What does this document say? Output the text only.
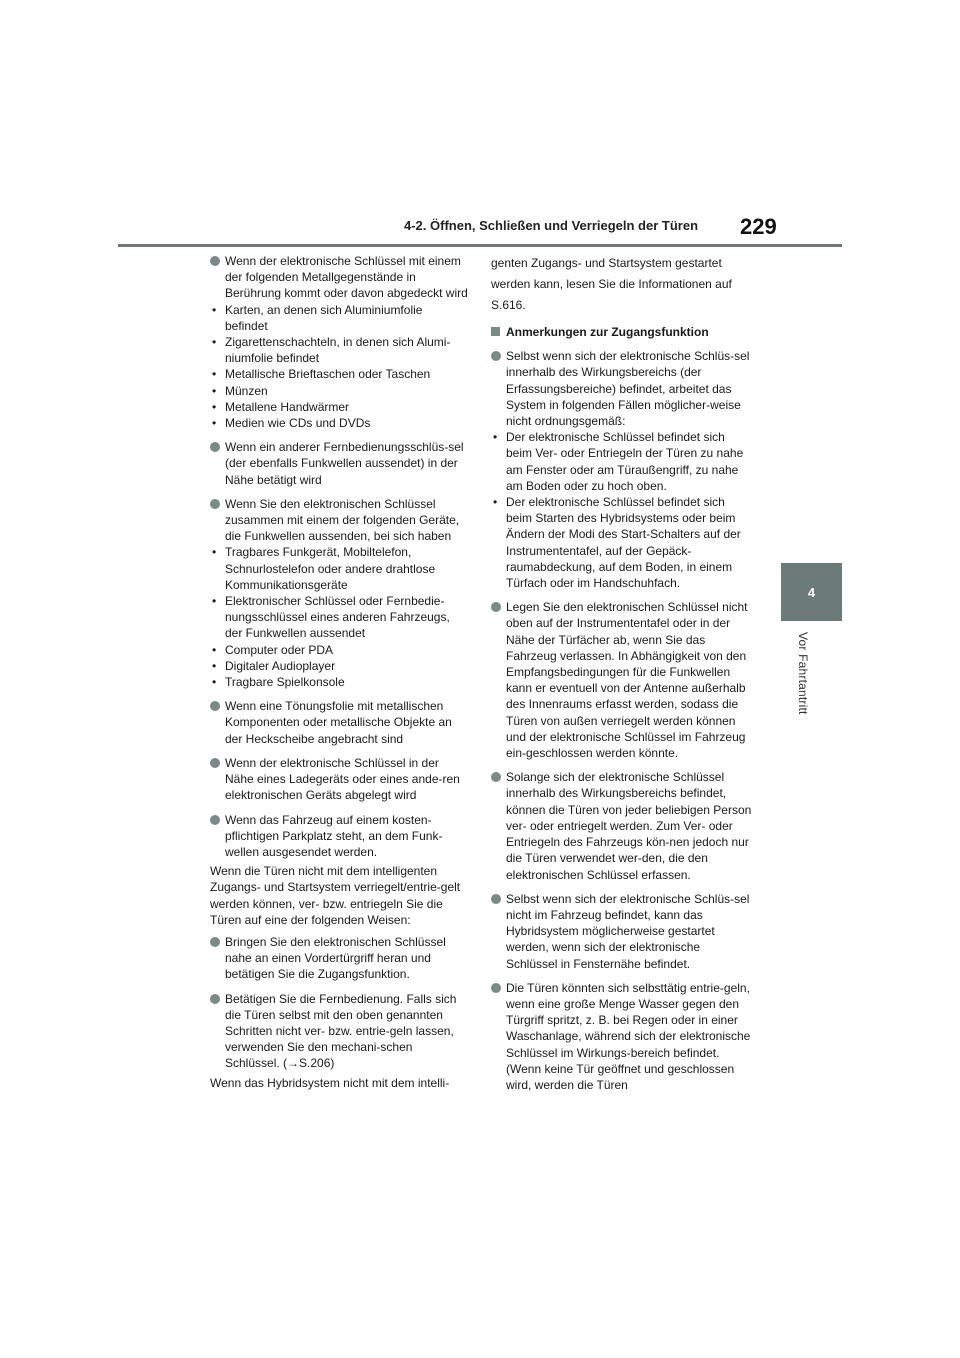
4-2. Öffnen, Schließen und Verriegeln der Türen 229
4
Vor Fahrtantritt
Wenn der elektronische Schlüssel mit einem der folgenden Metallgegenstände in Berührung kommt oder davon abgedeckt wird
• Karten, an denen sich Aluminiumfolie befindet
• Zigarettenschachteln, in denen sich Alumi-niumfolie befindet
• Metallische Brieftaschen oder Taschen
• Münzen
• Metallene Handwärmer
• Medien wie CDs und DVDs
Wenn ein anderer Fernbedienungsschlüs-sel (der ebenfalls Funkwellen aussendet) in der Nähe betätigt wird
Wenn Sie den elektronischen Schlüssel zusammen mit einem der folgenden Geräte, die Funkwellen aussenden, bei sich haben
• Tragbares Funkgerät, Mobiltelefon, Schnurlostelefon oder andere drahtlose Kommunikationsgeräte
• Elektronischer Schlüssel oder Fernbedie-nungsschlüssel eines anderen Fahrzeugs, der Funkwellen aussendet
• Computer oder PDA
• Digitaler Audioplayer
• Tragbare Spielkonsole
Wenn eine Tönungsfolie mit metallischen Komponenten oder metallische Objekte an der Heckscheibe angebracht sind
Wenn der elektronische Schlüssel in der Nähe eines Ladegeräts oder eines ande-ren elektronischen Geräts abgelegt wird
Wenn das Fahrzeug auf einem kosten-pflichtigen Parkplatz steht, an dem Funk-wellen ausgesendet werden.

Wenn die Türen nicht mit dem intelligenten Zugangs- und Startsystem verriegelt/entrie-gelt werden können, ver- bzw. entriegeln Sie die Türen auf eine der folgenden Weisen:

Bringen Sie den elektronischen Schlüssel nahe an einen Vordertürgriff heran und betätigen Sie die Zugangsfunktion.
Betätigen Sie die Fernbedienung. Falls sich die Türen selbst mit den oben genannten Schritten nicht ver- bzw. entrie-geln lassen, verwenden Sie den mechani-schen Schlüssel. (→S.206)

Wenn das Hybridsystem nicht mit dem intelli-

genten Zugangs- und Startsystem gestartet werden kann, lesen Sie die Informationen auf S.616.

Anmerkungen zur Zugangsfunktion
Selbst wenn sich der elektronische Schlüs-sel innerhalb des Wirkungsbereichs (der Erfassungsbereiche) befindet, arbeitet das System in folgenden Fällen möglicher-weise nicht ordnungsgemäß:
• Der elektronische Schlüssel befindet sich beim Ver- oder Entriegeln der Türen zu nahe am Fenster oder am Türaußengriff, zu nahe am Boden oder zu hoch oben.
• Der elektronische Schlüssel befindet sich beim Starten des Hybridsystems oder beim Ändern der Modi des Start-Schalters auf der Instrumententafel, auf der Gepäck-raumabdeckung, auf dem Boden, in einem Türfach oder im Handschuhfach.
Legen Sie den elektronischen Schlüssel nicht oben auf der Instrumententafel oder in der Nähe der Türfächer ab, wenn Sie das Fahrzeug verlassen. In Abhängigkeit von den Empfangsbedingungen für die Funkwellen kann er eventuell von der Antenne außerhalb des Innenraums erfasst werden, sodass die Türen von außen verriegelt werden können und der elektronische Schlüssel im Fahrzeug ein-geschlossen werden könnte.
Solange sich der elektronische Schlüssel innerhalb des Wirkungsbereichs befindet, können die Türen von jeder beliebigen Person ver- oder entriegelt werden. Zum Ver- oder Entriegeln des Fahrzeugs kön-nen jedoch nur die Türen verwendet wer-den, die den elektronischen Schlüssel erfassen.
Selbst wenn sich der elektronische Schlüs-sel nicht im Fahrzeug befindet, kann das Hybridsystem möglicherweise gestartet werden, wenn sich der elektronische Schlüssel in Fensternähe befindet.
Die Türen könnten sich selbsttätig entrie-geln, wenn eine große Menge Wasser gegen den Türgriff spritzt, z. B. bei Regen oder in einer Waschanlage, während sich der elektronische Schlüssel im Wirkungs-bereich befindet. (Wenn keine Tür geöffnet und geschlossen wird, werden die Türen
